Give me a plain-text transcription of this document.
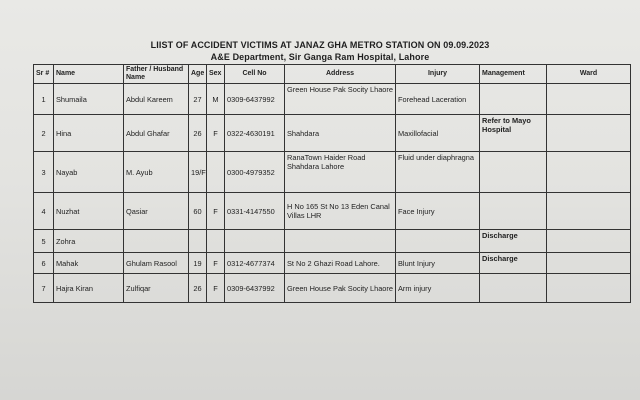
LIIST OF ACCIDENT VICTIMS AT JANAZ GHA METRO STATION ON 09.09.2023
A&E Department, Sir Ganga Ram Hospital, Lahore
Sr #	Name	Father / Husband Name	Age	Sex	Cell No	Address	Injury	Management	Ward
1	Shumaila	Abdul Kareem	27	M	0309-6437992	Green House Pak Socity Lhaore	Forehead Laceration		
2	Hina	Abdul Ghafar	26	F	0322-4630191	Shahdara	Maxillofacial	Refer to Mayo Hospital	
3	Nayab	M. Ayub	19/F		0300-4979352	RanaTown Haider Road Shahdara Lahore	Fluid under diaphragna		
4	Nuzhat	Qasiar	60	F	0331-4147550	H No 165 St No 13 Eden Canal Villas LHR	Face Injury		
5	Zohra							Discharge	
6	Mahak	Ghulam Rasool	19	F	0312-4677374	St No 2 Ghazi Road Lahore.	Blunt Injury	Discharge	
7	Hajra Kiran	Zulfiqar	26	F	0309-6437992	Green House Pak Socity Lhaore	Arm injury		
